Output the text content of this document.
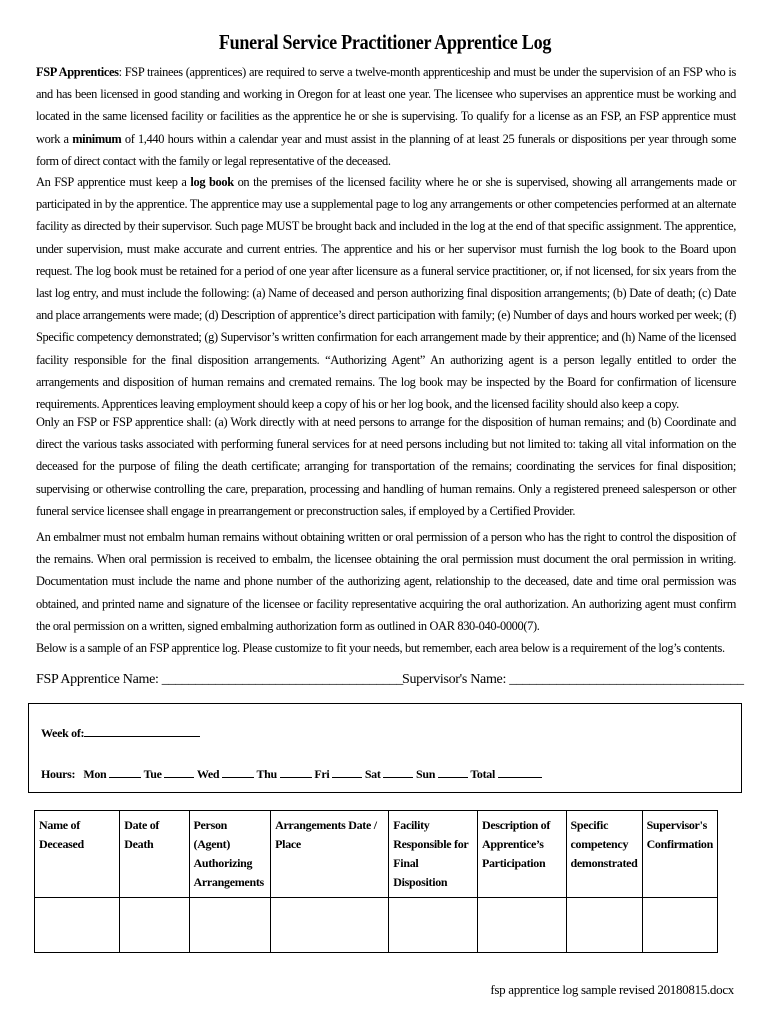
Funeral Service Practitioner Apprentice Log

FSP Apprentices: FSP trainees (apprentices) are required to serve a twelve-month apprenticeship and must be under the supervision of an FSP who is and has been licensed in good standing and working in Oregon for at least one year. The licensee who supervises an apprentice must be working and located in the same licensed facility or facilities as the apprentice he or she is supervising. To qualify for a license as an FSP, an FSP apprentice must work a minimum of 1,440 hours within a calendar year and must assist in the planning of at least 25 funerals or dispositions per year through some form of direct contact with the family or legal representative of the deceased.

An FSP apprentice must keep a log book on the premises of the licensed facility where he or she is supervised, showing all arrangements made or participated in by the apprentice. The apprentice may use a supplemental page to log any arrangements or other competencies performed at an alternate facility as directed by their supervisor. Such page MUST be brought back and included in the log at the end of that specific assignment. The apprentice, under supervision, must make accurate and current entries. The apprentice and his or her supervisor must furnish the log book to the Board upon request. The log book must be retained for a period of one year after licensure as a funeral service practitioner, or, if not licensed, for six years from the last log entry, and must include the following: (a) Name of deceased and person authorizing final disposition arrangements; (b) Date of death; (c) Date and place arrangements were made; (d) Description of apprentice’s direct participation with family; (e) Number of days and hours worked per week; (f) Specific competency demonstrated; (g) Supervisor’s written confirmation for each arrangement made by their apprentice; and (h) Name of the licensed facility responsible for the final disposition arrangements. “Authorizing Agent” An authorizing agent is a person legally entitled to order the arrangements and disposition of human remains and cremated remains. The log book may be inspected by the Board for confirmation of licensure requirements. Apprentices leaving employment should keep a copy of his or her log book, and the licensed facility should also keep a copy.

Only an FSP or FSP apprentice shall: (a) Work directly with at need persons to arrange for the disposition of human remains; and (b) Coordinate and direct the various tasks associated with performing funeral services for at need persons including but not limited to: taking all vital information on the deceased for the purpose of filing the death certificate; arranging for transportation of the remains; coordinating the services for final disposition; supervising or otherwise controlling the care, preparation, processing and handling of human remains. Only a registered preneed salesperson or other funeral service licensee shall engage in prearrangement or preconstruction sales, if employed by a Certified Provider.

An embalmer must not embalm human remains without obtaining written or oral permission of a person who has the right to control the disposition of the remains. When oral permission is received to embalm, the licensee obtaining the oral permission must document the oral permission in writing. Documentation must include the name and phone number of the authorizing agent, relationship to the deceased, date and time oral permission was obtained, and printed name and signature of the licensee or facility representative acquiring the oral authorization. An authorizing agent must confirm the oral permission on a written, signed embalming authorization form as outlined in OAR 830-040-0000(7).

Below is a sample of an FSP apprentice log. Please customize to fit your needs, but remember, each area below is a requirement of the log’s contents.

FSP Apprentice Name: ____________________________________ Supervisor's Name: ___________________________________
Week of:
Hours: Mon	Tue	Wed	Thu	Fri	Sat	Sun	Total
Name of Deceased	Date of Death	Person (Agent) Authorizing Arrangements	Arrangements Date / Place	Facility Responsible for Final Disposition	Description of Apprentice’s Participation	Specific competency demonstrated	Supervisor's Confirmation

fsp apprentice log sample revised 20180815.docx
